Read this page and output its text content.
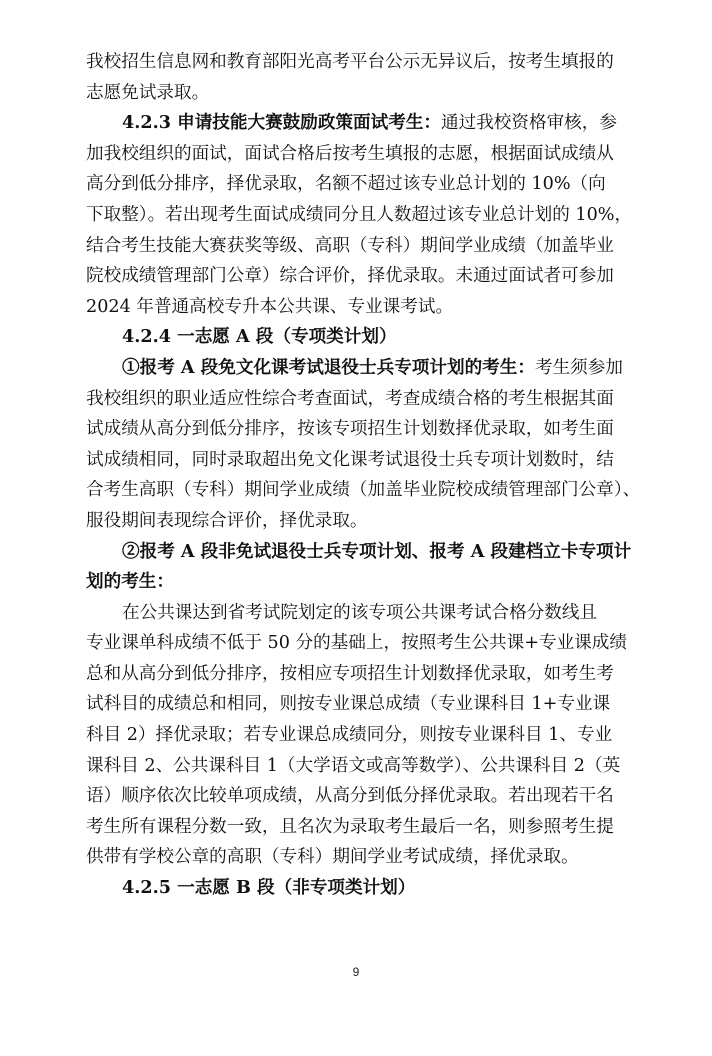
我校招生信息网和教育部阳光高考平台公示无异议后，按考生填报的
志愿免试录取。
4.2.3 申请技能大赛鼓励政策面试考生：通过我校资格审核，参
加我校组织的面试，面试合格后按考生填报的志愿，根据面试成绩从
高分到低分排序，择优录取，名额不超过该专业总计划的 10%（向
下取整）。若出现考生面试成绩同分且人数超过该专业总计划的 10%，
结合考生技能大赛获奖等级、高职（专科）期间学业成绩（加盖毕业
院校成绩管理部门公章）综合评价，择优录取。未通过面试者可参加
2024 年普通高校专升本公共课、专业课考试。
4.2.4 一志愿 A 段（专项类计划）
①报考 A 段免文化课考试退役士兵专项计划的考生：考生须参加
我校组织的职业适应性综合考查面试，考查成绩合格的考生根据其面
试成绩从高分到低分排序，按该专项招生计划数择优录取，如考生面
试成绩相同，同时录取超出免文化课考试退役士兵专项计划数时，结
合考生高职（专科）期间学业成绩（加盖毕业院校成绩管理部门公章）、
服役期间表现综合评价，择优录取。
②报考 A 段非免试退役士兵专项计划、报考 A 段建档立卡专项计
划的考生：
在公共课达到省考试院划定的该专项公共课考试合格分数线且
专业课单科成绩不低于 50 分的基础上，按照考生公共课+专业课成绩
总和从高分到低分排序，按相应专项招生计划数择优录取，如考生考
试科目的成绩总和相同，则按专业课总成绩（专业课科目 1+专业课
科目 2）择优录取；若专业课总成绩同分，则按专业课科目 1、专业
课科目 2、公共课科目 1（大学语文或高等数学）、公共课科目 2（英
语）顺序依次比较单项成绩，从高分到低分择优录取。若出现若干名
考生所有课程分数一致，且名次为录取考生最后一名，则参照考生提
供带有学校公章的高职（专科）期间学业考试成绩，择优录取。
4.2.5 一志愿 B 段（非专项类计划）
9
